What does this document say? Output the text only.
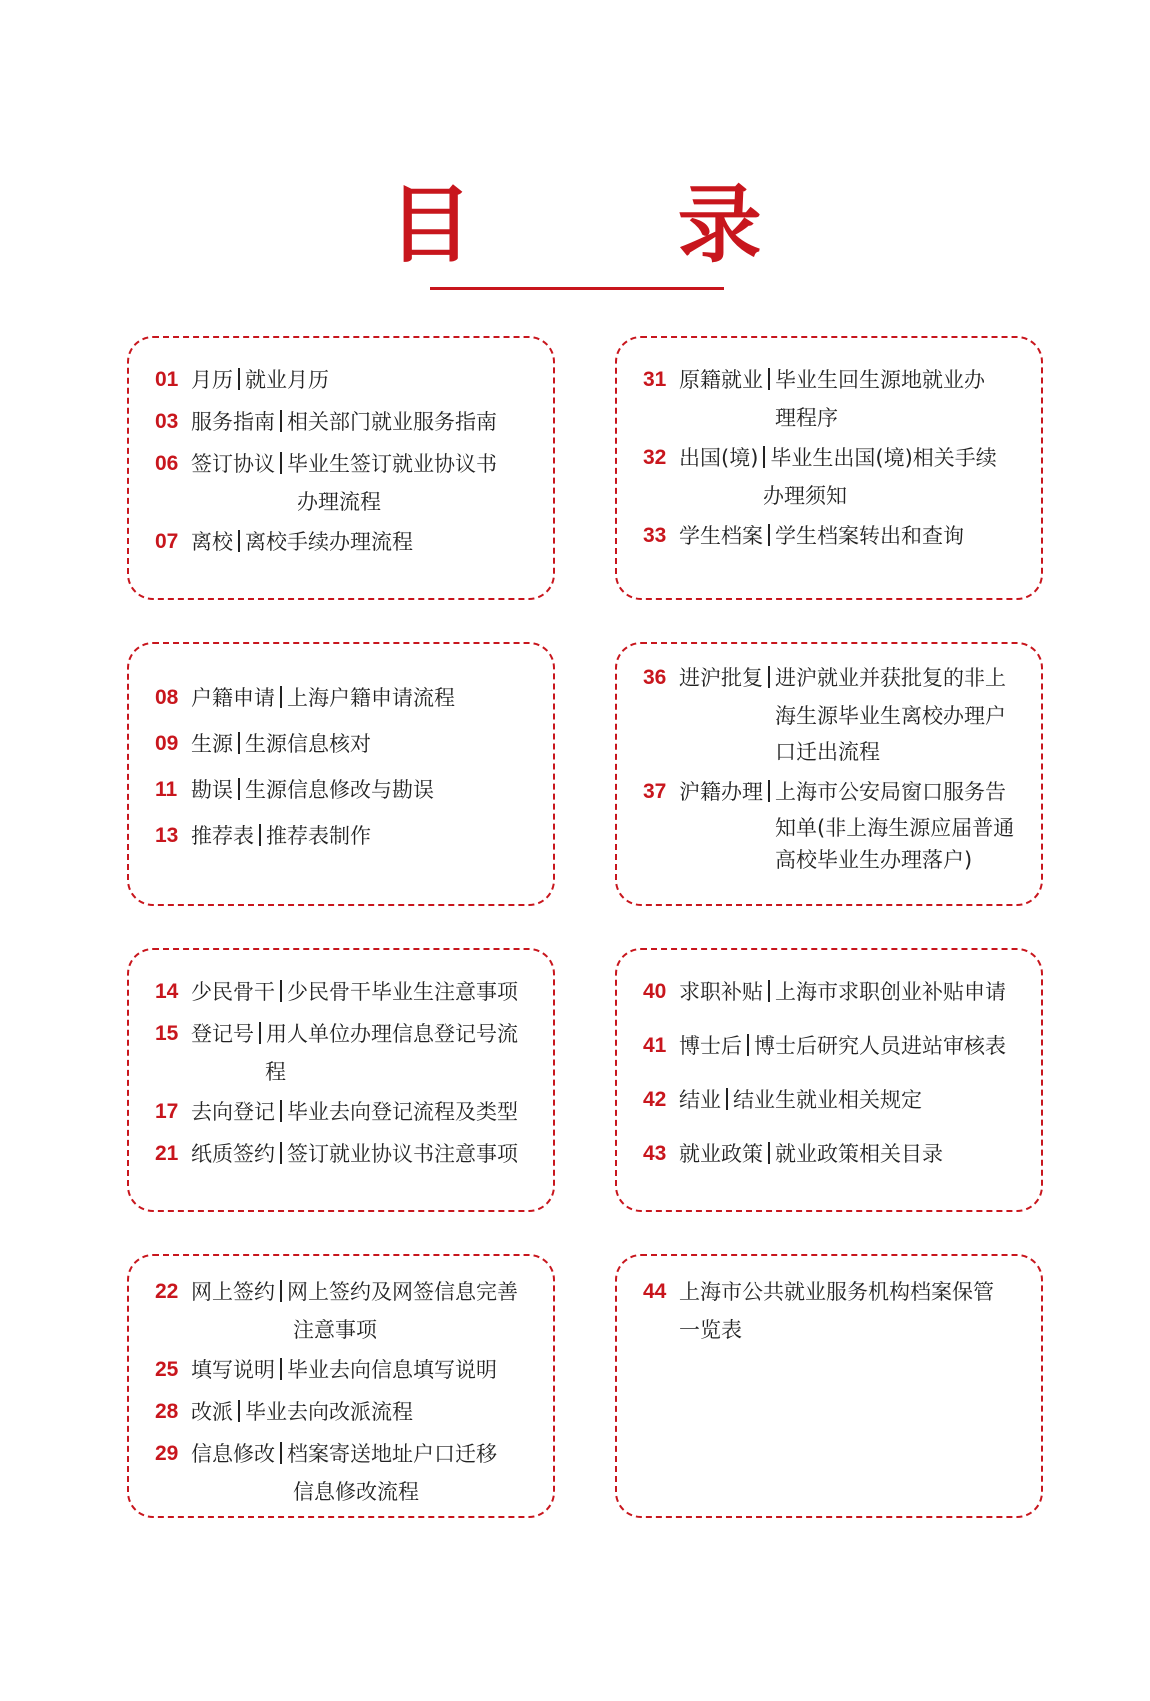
目 录
01 月历 就业月历
03 服务指南 相关部门就业服务指南
06 签订协议 毕业生签订就业协议书
办理流程
07 离校 离校手续办理流程
31 原籍就业 毕业生回生源地就业办
理程序
32 出国(境) 毕业生出国(境)相关手续
办理须知
33 学生档案 学生档案转出和查询
08 户籍申请 上海户籍申请流程
09 生源 生源信息核对
11 勘误 生源信息修改与勘误
13 推荐表 推荐表制作
36 进沪批复 进沪就业并获批复的非上
海生源毕业生离校办理户
口迁出流程
37 沪籍办理 上海市公安局窗口服务告
知单(非上海生源应届普通
高校毕业生办理落户)
14 少民骨干 少民骨干毕业生注意事项
15 登记号 用人单位办理信息登记号流
程
17 去向登记 毕业去向登记流程及类型
21 纸质签约 签订就业协议书注意事项
40 求职补贴 上海市求职创业补贴申请
41 博士后 博士后研究人员进站审核表
42 结业 结业生就业相关规定
43 就业政策 就业政策相关目录
22 网上签约 网上签约及网签信息完善
注意事项
25 填写说明 毕业去向信息填写说明
28 改派 毕业去向改派流程
29 信息修改 档案寄送地址户口迁移
信息修改流程
44 上海市公共就业服务机构档案保管
一览表
